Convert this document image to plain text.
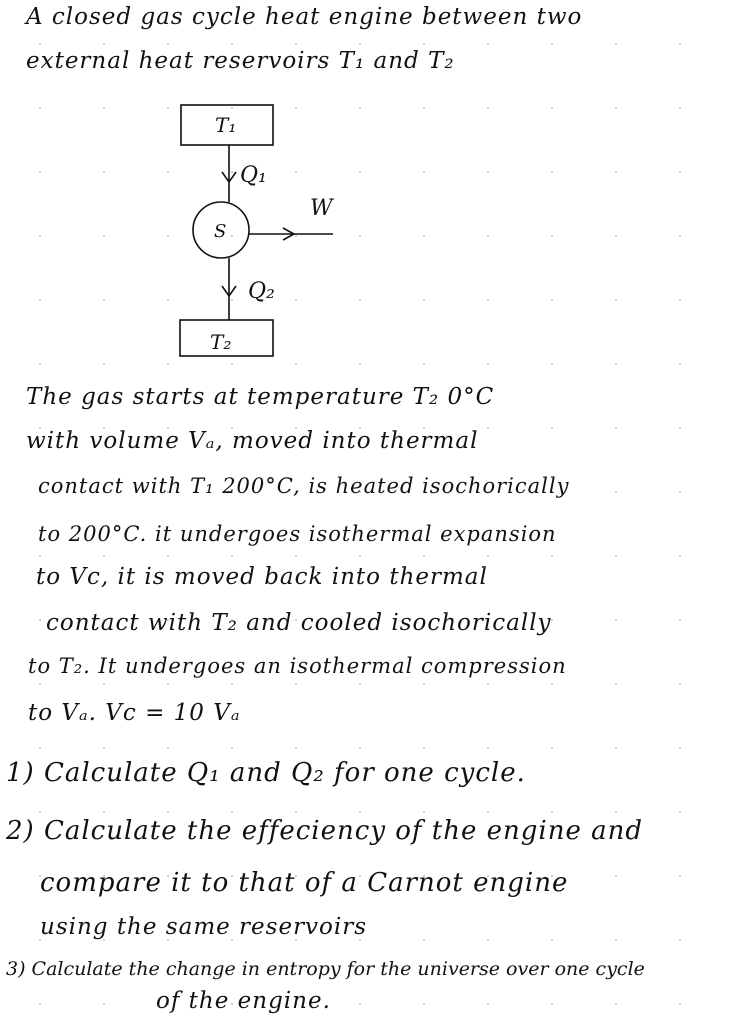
A closed gas cycle heat engine between two
external heat reservoirs T₁ and T₂
T₁
Q₁
S
W
Q₂
T₂
The gas starts at temperature T₂ 0°C
with volume Vₐ, moved into thermal
contact with T₁ 200°C, is heated isochorically
to 200°C. it undergoes isothermal expansion
to Vc, it is moved back into thermal
contact with T₂ and cooled isochorically
to T₂. It undergoes an isothermal compression
to Vₐ. Vc = 10 Vₐ
1) Calculate Q₁ and Q₂ for one cycle.
2) Calculate the effeciency of the engine and
compare it to that of a Carnot engine
using the same reservoirs
3) Calculate the change in entropy for the universe over one cycle
of the engine.
